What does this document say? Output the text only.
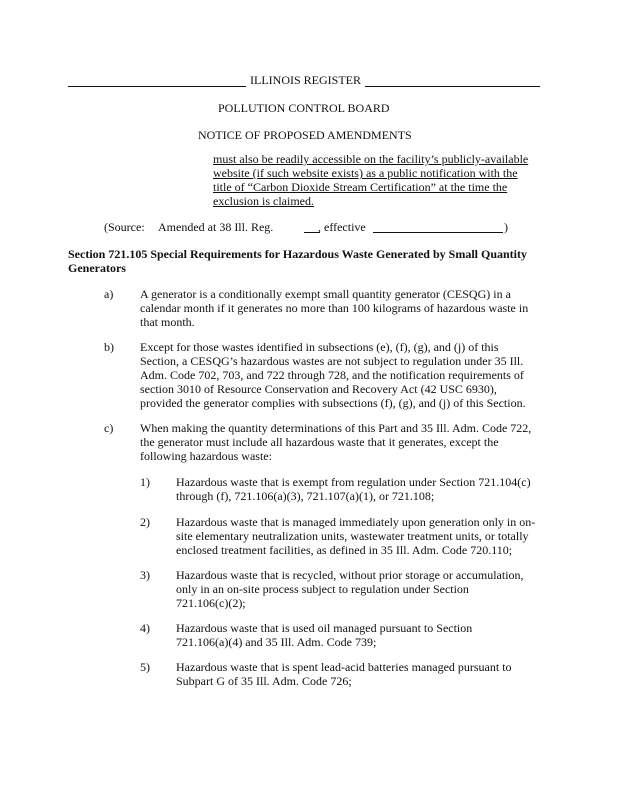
ILLINOIS REGISTER
POLLUTION CONTROL BOARD
NOTICE OF PROPOSED AMENDMENTS
must also be readily accessible on the facility’s publicly-available
website (if such website exists) as a public notification with the
title of “Carbon Dioxide Stream Certification” at the time the
exclusion is claimed.
(Source: Amended at 38 Ill. Reg.	, effective	)
Section 721.105 Special Requirements for Hazardous Waste Generated by Small Quantity
Generators
a) A generator is a conditionally exempt small quantity generator (CESQG) in a
calendar month if it generates no more than 100 kilograms of hazardous waste in
that month.
b) Except for those wastes identified in subsections (e), (f), (g), and (j) of this
Section, a CESQG’s hazardous wastes are not subject to regulation under 35 Ill.
Adm. Code 702, 703, and 722 through 728, and the notification requirements of
section 3010 of Resource Conservation and Recovery Act (42 USC 6930),
provided the generator complies with subsections (f), (g), and (j) of this Section.
c) When making the quantity determinations of this Part and 35 Ill. Adm. Code 722,
the generator must include all hazardous waste that it generates, except the
following hazardous waste:
1) Hazardous waste that is exempt from regulation under Section 721.104(c)
through (f), 721.106(a)(3), 721.107(a)(1), or 721.108;
2) Hazardous waste that is managed immediately upon generation only in on-
site elementary neutralization units, wastewater treatment units, or totally
enclosed treatment facilities, as defined in 35 Ill. Adm. Code 720.110;
3) Hazardous waste that is recycled, without prior storage or accumulation,
only in an on-site process subject to regulation under Section
721.106(c)(2);
4) Hazardous waste that is used oil managed pursuant to Section
721.106(a)(4) and 35 Ill. Adm. Code 739;
5) Hazardous waste that is spent lead-acid batteries managed pursuant to
Subpart G of 35 Ill. Adm. Code 726;
